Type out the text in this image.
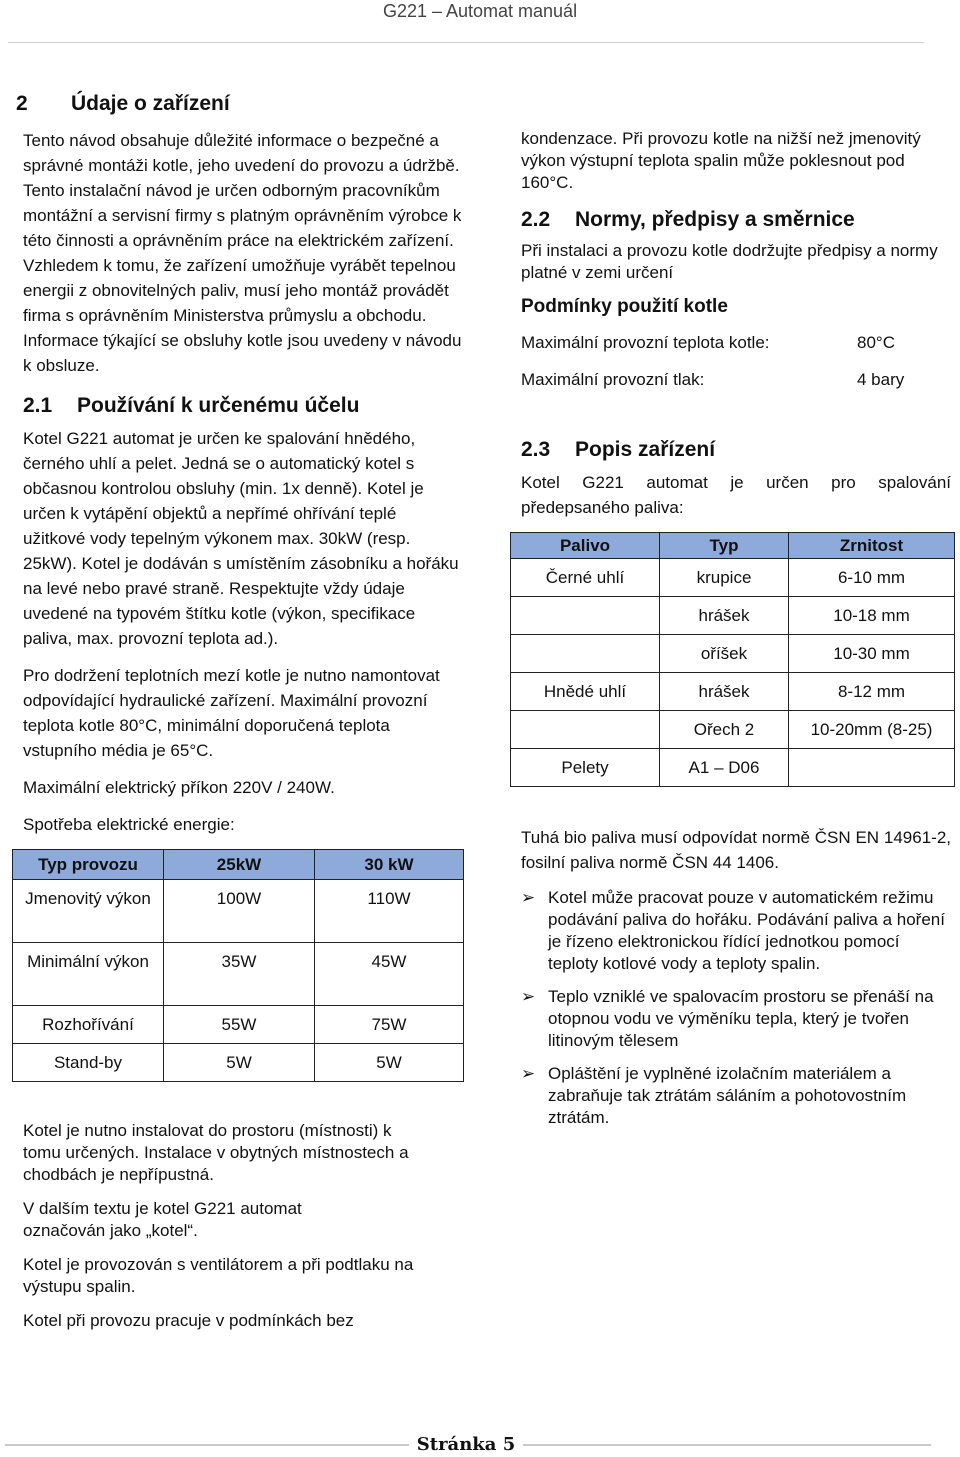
G221 – Automat manuál
2 Údaje o zařízení

Tento návod obsahuje důležité informace o bezpečné a správné montáži kotle, jeho uvedení do provozu a údržbě. Tento instalační návod je určen odborným pracovníkům montážní a servisní firmy s platným oprávněním výrobce k této činnosti a oprávněním práce na elektrickém zařízení. Vzhledem k tomu, že zařízení umožňuje vyrábět tepelnou energii z obnovitelných paliv, musí jeho montáž provádět firma s oprávněním Ministerstva průmyslu a obchodu. Informace týkající se obsluhy kotle jsou uvedeny v návodu k obsluze.

2.1 Používání k určenému účelu

Kotel G221 automat je určen ke spalování hnědého, černého uhlí a pelet. Jedná se o automatický kotel s občasnou kontrolou obsluhy (min. 1x denně). Kotel je určen k vytápění objektů a nepřímé ohřívání teplé užitkové vody tepelným výkonem max. 30kW (resp. 25kW). Kotel je dodáván s umístěním zásobníku a hořáku na levé nebo pravé straně. Respektujte vždy údaje uvedené na typovém štítku kotle (výkon, specifikace paliva, max. provozní teplota ad.).

Pro dodržení teplotních mezí kotle je nutno namontovat odpovídající hydraulické zařízení. Maximální provozní teplota kotle 80°C, minimální doporučená teplota vstupního média je 65°C.

Maximální elektrický příkon 220V / 240W.

Spotřeba elektrické energie:

Typ provozu	25kW	30 kW
Jmenovitý výkon	100W	110W
Minimální výkon	35W	45W
Rozhořívání	55W	75W
Stand-by	5W	5W

Kotel je nutno instalovat do prostoru (místnosti) k tomu určených. Instalace v obytných místnostech a chodbách je nepřípustná.

V dalším textu je kotel G221 automat označován jako „kotel“.

Kotel je provozován s ventilátorem a při podtlaku na výstupu spalin.

Kotel při provozu pracuje v podmínkách bez

kondenzace. Při provozu kotle na nižší než jmenovitý výkon výstupní teplota spalin může poklesnout pod 160°C.

2.2 Normy, předpisy a směrnice

Při instalaci a provozu kotle dodržujte předpisy a normy platné v zemi určení

Podmínky použití kotle
Maximální provozní teplota kotle:	80°C
Maximální provozní tlak:	4 bary
2.3 Popis zařízení

Kotel G221 automat je určen pro spalování předepsaného paliva:

Palivo	Typ	Zrnitost
Černé uhlí	krupice	6-10 mm
	hrášek	10-18 mm
	oříšek	10-30 mm
Hnědé uhlí	hrášek	8-12 mm
	Ořech 2	10-20mm (8-25)
Pelety	A1 – D06	

Tuhá bio paliva musí odpovídat normě ČSN EN 14961-2, fosilní paliva normě ČSN 44 1406.

➢ Kotel může pracovat pouze v automatickém režimu podávání paliva do hořáku. Podávání paliva a hoření je řízeno elektronickou řídící jednotkou pomocí teploty kotlové vody a teploty spalin.
➢ Teplo vzniklé ve spalovacím prostoru se přenáší na otopnou vodu ve výměníku tepla, který je tvořen litinovým tělesem
➢ Opláštění je vyplněné izolačním materiálem a zabraňuje tak ztrátám sáláním a pohotovostním ztrátám.
Stránka 5
